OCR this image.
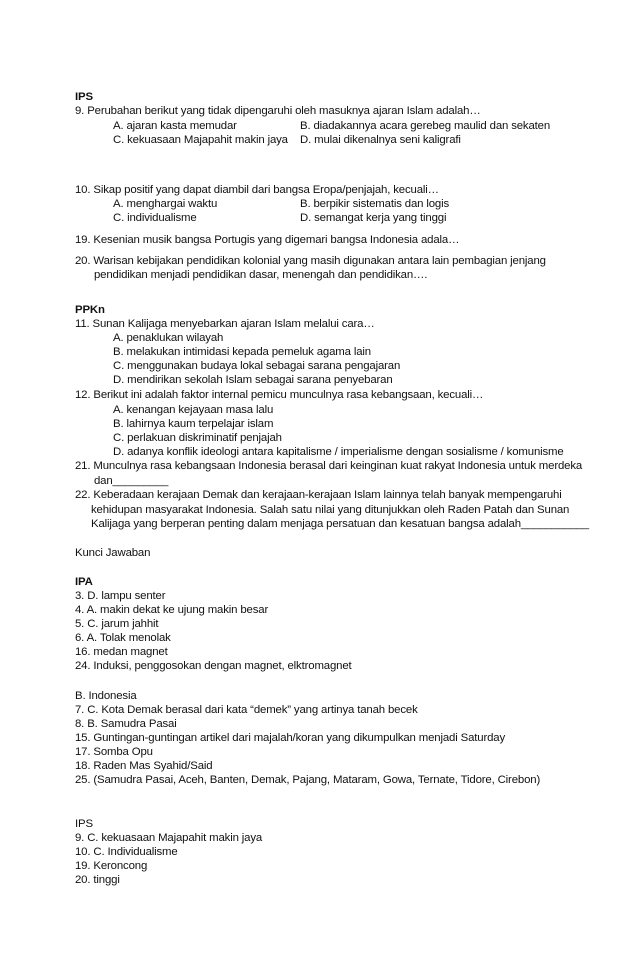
IPS
9. Perubahan berikut yang tidak dipengaruhi oleh masuknya ajaran Islam adalah…
A. ajaran kasta memudar	B. diadakannya acara gerebeg maulid dan sekaten
C. kekuasaan Majapahit makin jaya D. mulai dikenalnya seni kaligrafi
10. Sikap positif yang dapat diambil dari bangsa Eropa/penjajah, kecuali…
A. menghargai waktu	B. berpikir sistematis dan logis
C. individualisme	D. semangat kerja yang tinggi
19. Kesenian musik bangsa Portugis yang digemari bangsa Indonesia adala…
20. Warisan kebijakan pendidikan kolonial yang masih digunakan antara lain pembagian jenjang
pendidikan menjadi pendidikan dasar, menengah dan pendidikan….
PPKn
11. Sunan Kalijaga menyebarkan ajaran Islam melalui cara…
A. penaklukan wilayah
B. melakukan intimidasi kepada pemeluk agama lain
C. menggunakan budaya lokal sebagai sarana pengajaran
D. mendirikan sekolah Islam sebagai sarana penyebaran
12. Berikut ini adalah faktor internal pemicu munculnya rasa kebangsaan, kecuali…
A. kenangan kejayaan masa lalu
B. lahirnya kaum terpelajar islam
C. perlakuan diskriminatif penjajah
D. adanya konflik ideologi antara kapitalisme / imperialisme dengan sosialisme / komunisme
21. Munculnya rasa kebangsaan Indonesia berasal dari keinginan kuat rakyat Indonesia untuk merdeka
dan_________
22. Keberadaan kerajaan Demak dan kerajaan-kerajaan Islam lainnya telah banyak mempengaruhi
kehidupan masyarakat Indonesia. Salah satu nilai yang ditunjukkan oleh Raden Patah dan Sunan
Kalijaga yang berperan penting dalam menjaga persatuan dan kesatuan bangsa adalah___________
Kunci Jawaban
IPA
3. D. lampu senter
4. A. makin dekat ke ujung makin besar
5. C. jarum jahhit
6. A. Tolak menolak
16. medan magnet
24. Induksi, penggosokan dengan magnet, elktromagnet
B. Indonesia
7. C. Kota Demak berasal dari kata “demek” yang artinya tanah becek
8. B. Samudra Pasai
15. Guntingan-guntingan artikel dari majalah/koran yang dikumpulkan menjadi Saturday
17. Somba Opu
18. Raden Mas Syahid/Said
25. (Samudra Pasai, Aceh, Banten, Demak, Pajang, Mataram, Gowa, Ternate, Tidore, Cirebon)
IPS
9. C. kekuasaan Majapahit makin jaya
10. C. Individualisme
19. Keroncong
20. tinggi
